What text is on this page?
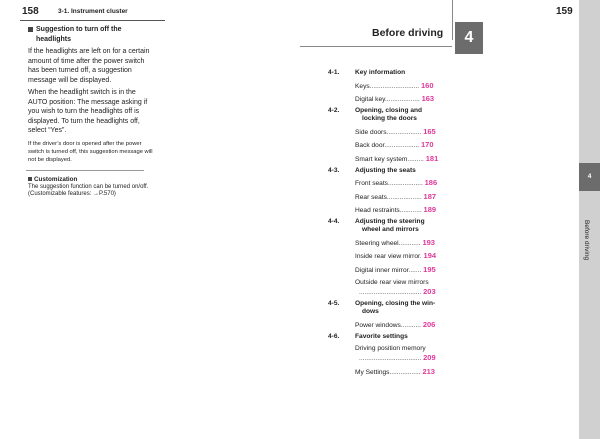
158	3-1. Instrument cluster
Suggestion to turn off the headlights
If the headlights are left on for a certain amount of time after the power switch has been turned off, a suggestion message will be displayed.
When the headlight switch is in the AUTO position: The message asking if you wish to turn the headlights off is displayed. To turn the headlights off, select “Yes”.
If the driver’s door is opened after the power switch is turned off, this suggestion message will not be displayed.
Customization
The suggestion function can be turned on/off. (Customizable features: →P.570)
159
Before driving	4
4
Before driving
4-1. Key information
Keys........................... 160
Digital key................... 163
4-2. Opening, closing and
locking the doors
Side doors................... 165
Back door................... 170
Smart key system......... 181
4-3. Adjusting the seats
Front seats................... 186
Rear seats................... 187
Head restraints............ 189
4-4. Adjusting the steering
wheel and mirrors
Steering wheel............ 193
Inside rear view mirror. 194
Digital inner mirror....... 195
Outside rear view mirrors
.................................. 203
4-5. Opening, closing the win-
dows
Power windows........... 206
4-6. Favorite settings
Driving position memory
.................................. 209
My Settings................. 213
